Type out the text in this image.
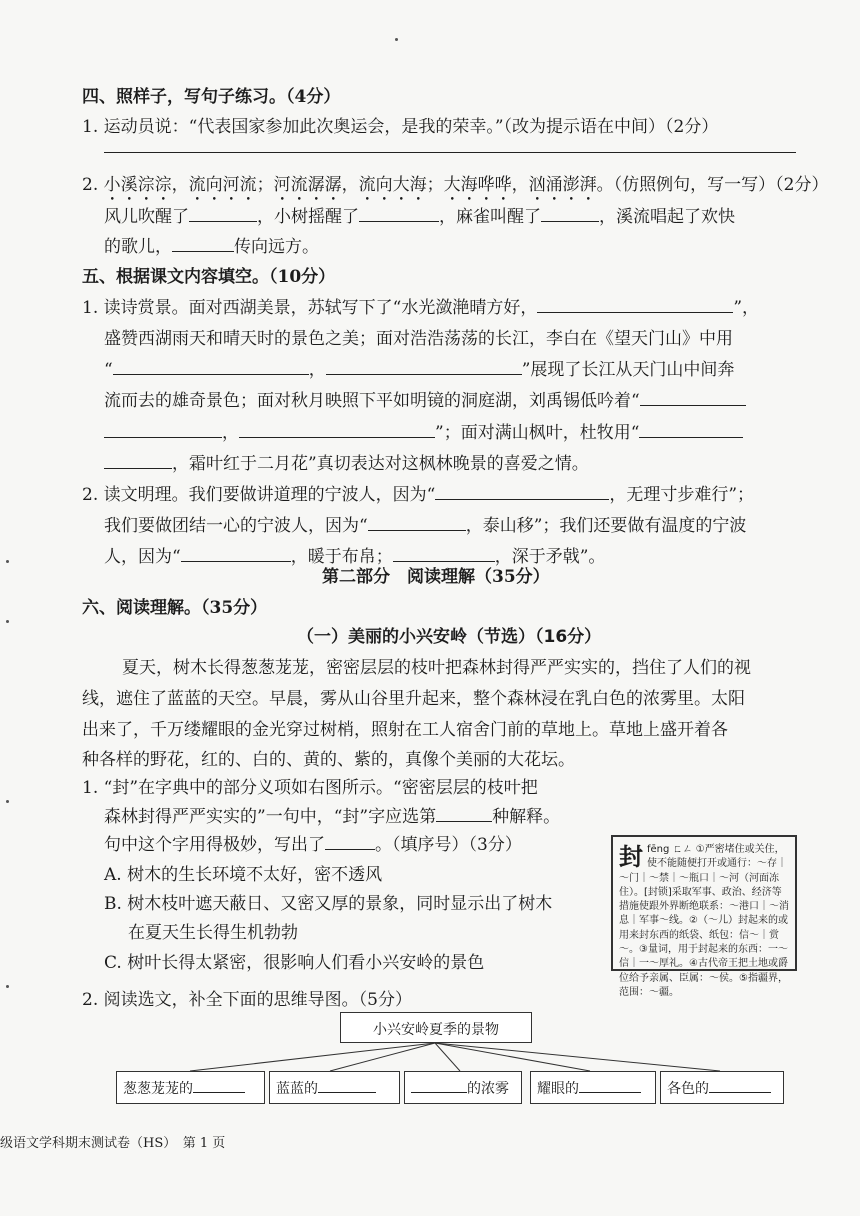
四、照样子，写句子练习。（4分）
1. 运动员说：“代表国家参加此次奥运会，是我的荣幸。”（改为提示语在中间）（2分）
2. 小溪淙淙，流向河流；河流潺潺，流向大海；大海哗哗，汹涌澎湃。（仿照例句，写一写）（2分）
风儿吹醒了	，小树摇醒了	，麻雀叫醒了	，溪流唱起了欢快
的歌儿，	传向远方。
五、根据课文内容填空。（10分）
1. 读诗赏景。面对西湖美景，苏轼写下了“水光潋滟晴方好，	”，
盛赞西湖雨天和晴天时的景色之美；面对浩浩荡荡的长江，李白在《望天门山》中用
“	，	”展现了长江从天门山中间奔
流而去的雄奇景色；面对秋月映照下平如明镜的洞庭湖，刘禹锡低吟着“
，	”；面对满山枫叶，杜牧用“
，霜叶红于二月花”真切表达对这枫林晚景的喜爱之情。
2. 读文明理。我们要做讲道理的宁波人，因为“	，无理寸步难行”；
我们要做团结一心的宁波人，因为“	，泰山移”；我们还要做有温度的宁波
人，因为“	，暖于布帛；	，深于矛戟”。
第二部分　阅读理解（35分）
六、阅读理解。（35分）
（一）美丽的小兴安岭（节选）（16分）
夏天，树木长得葱葱茏茏，密密层层的枝叶把森林封得严严实实的，挡住了人们的视
线，遮住了蓝蓝的天空。早晨，雾从山谷里升起来，整个森林浸在乳白色的浓雾里。太阳
出来了，千万缕耀眼的金光穿过树梢，照射在工人宿舍门前的草地上。草地上盛开着各
种各样的野花，红的、白的、黄的、紫的，真像个美丽的大花坛。
1. “封”在字典中的部分义项如右图所示。“密密层层的枝叶把
森林封得严严实实的”一句中，“封”字应选第	种解释。
句中这个字用得极妙，写出了	。（填序号）（3分）
A. 树木的生长环境不太好，密不透风
B. 树木枝叶遮天蔽日、又密又厚的景象，同时显示出了树木
在夏天生长得生机勃勃
C. 树叶长得太紧密，很影响人们看小兴安岭的景色
封fēng ㄈㄥ ①严密堵住或关住，使不能随便打开或通行：～存｜～门｜～禁｜～瓶口｜～河（河面冻住）。[封锁]采取军事、政治、经济等措施使跟外界断绝联系：～港口｜～消息｜军事～线。②（～儿）封起来的或用来封东西的纸袋、纸包：信～｜赏～。③量词，用于封起来的东西：一～信｜一～厚礼。④古代帝王把土地或爵位给予亲属、臣属：～侯。⑤指疆界，范围：～疆。
2. 阅读选文，补全下面的思维导图。（5分）
小兴安岭夏季的景物
葱葱茏茏的	蓝蓝的	的浓雾	耀眼的	各色的
级语文学科期末测试卷（HS）　第 1 页
